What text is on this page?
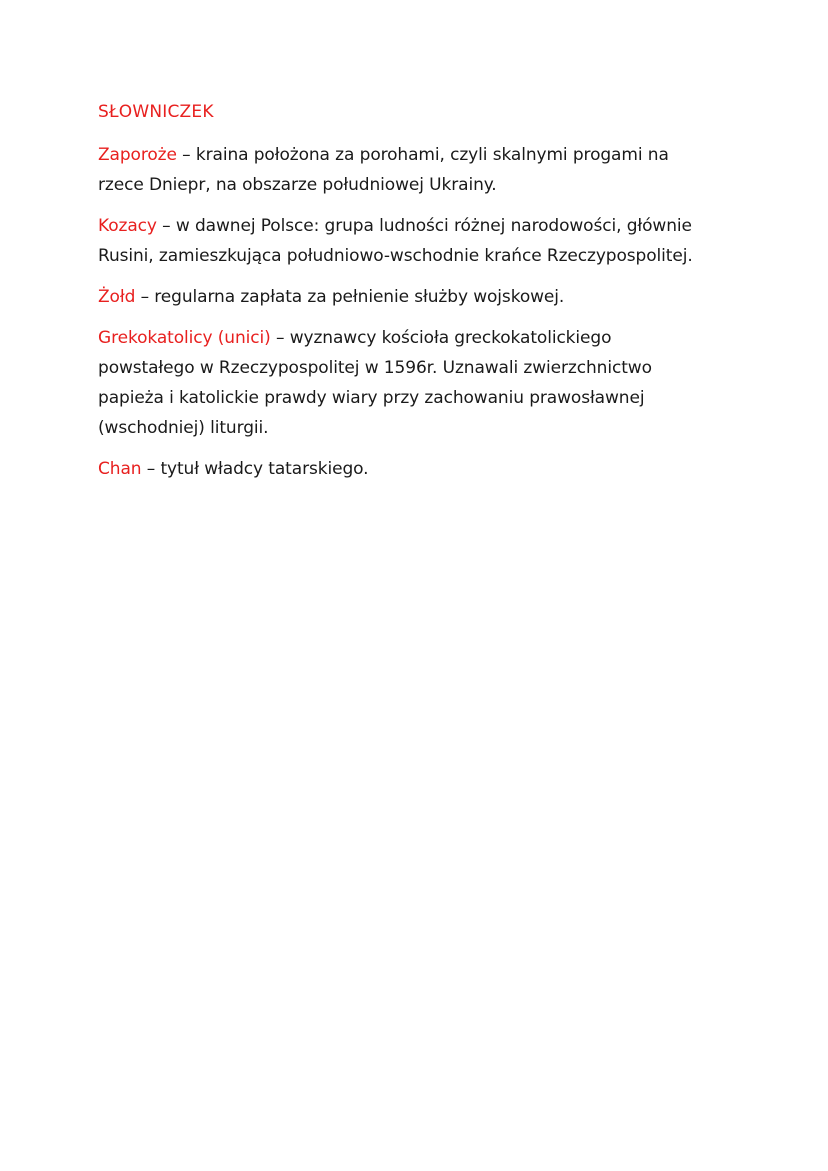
SŁOWNICZEK
Zaporoże – kraina położona za porohami, czyli skalnymi progami na
rzece Dniepr, na obszarze południowej Ukrainy.
Kozacy – w dawnej Polsce: grupa ludności różnej narodowości, głównie
Rusini, zamieszkująca południowo-wschodnie krańce Rzeczypospolitej.
Żołd – regularna zapłata za pełnienie służby wojskowej.
Grekokatolicy (unici) – wyznawcy kościoła greckokatolickiego
powstałego w Rzeczypospolitej w 1596r. Uznawali zwierzchnictwo
papieża i katolickie prawdy wiary przy zachowaniu prawosławnej
(wschodniej) liturgii.
Chan – tytuł władcy tatarskiego.
